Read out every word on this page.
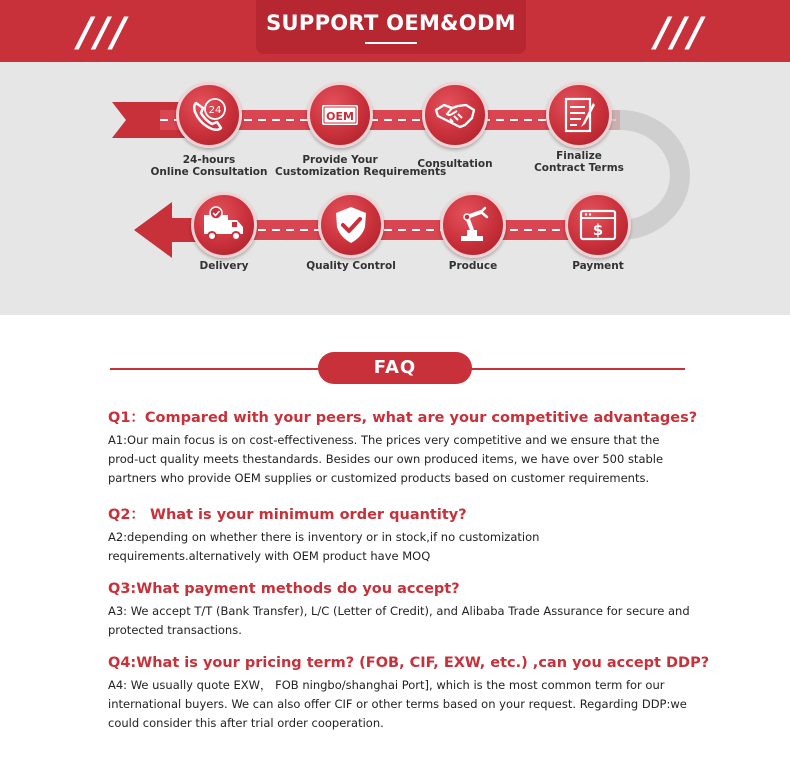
///	SUPPORT OEM&ODM	///
24
24-hours
Online Consultation
OEM
Provide Your
Customization Requirements
Consultation
Finalize
Contract Terms
$
Payment
Produce
Quality Control
Delivery
FAQ
Q1：Compared with your peers, what are your competitive advantages?
A1:Our main focus is on cost-effectiveness. The prices very competitive and we ensure that the prod-uct quality meets thestandards. Besides our own produced items, we have over 500 stable partners who provide OEM supplies or customized products based on customer requirements.
Q2： What is your minimum order quantity?
A2:depending on whether there is inventory or in stock,if no customization requirements.alternatively with OEM product have MOQ
Q3:What payment methods do you accept?
A3: We accept T/T (Bank Transfer), L/C (Letter of Credit), and Alibaba Trade Assurance for secure and protected transactions.
Q4:What is your pricing term? (FOB, CIF, EXW, etc.) ,can you accept DDP?
A4: We usually quote EXW， FOB ningbo/shanghai Port], which is the most common term for our international buyers. We can also offer CIF or other terms based on your request. Regarding DDP:we could consider this after trial order cooperation.
